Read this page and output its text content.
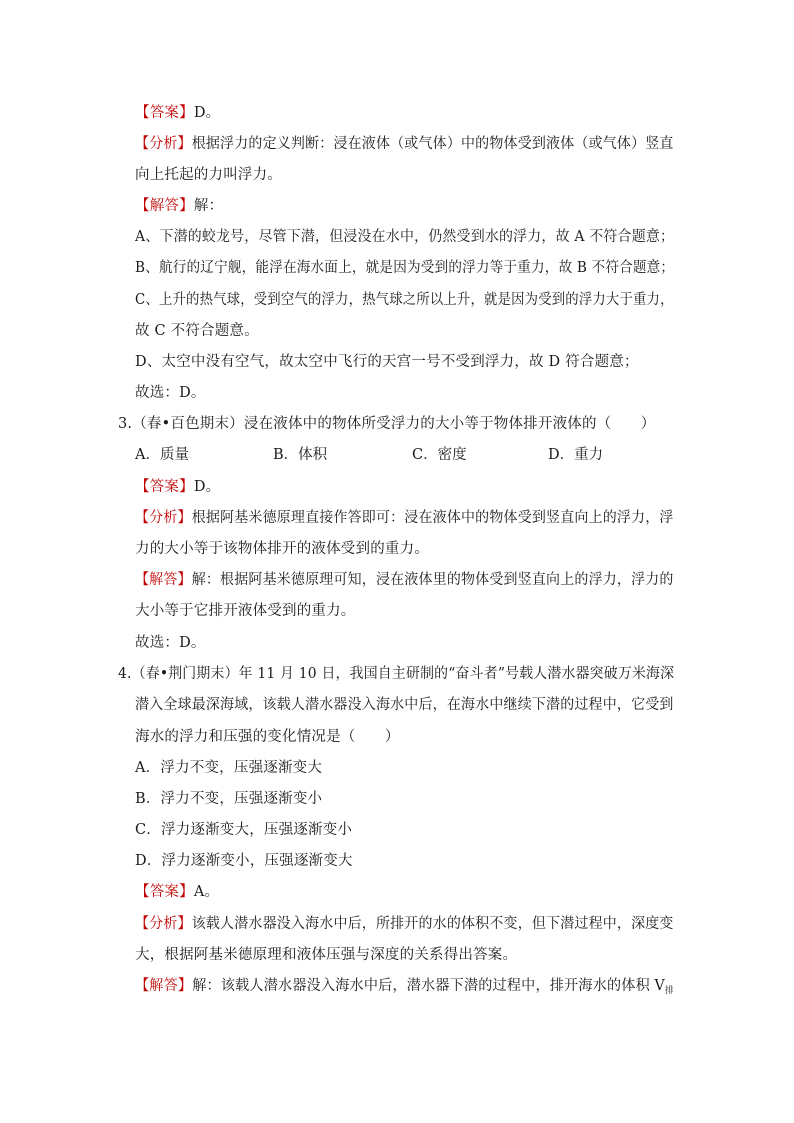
【答案】D。
【分析】根据浮力的定义判断：浸在液体（或气体）中的物体受到液体（或气体）竖直
向上托起的力叫浮力。
【解答】解：
A、下潜的蛟龙号，尽管下潜，但浸没在水中，仍然受到水的浮力，故 A 不符合题意；
B、航行的辽宁舰，能浮在海水面上，就是因为受到的浮力等于重力，故 B 不符合题意；
C、上升的热气球，受到空气的浮力，热气球之所以上升，就是因为受到的浮力大于重力，
故 C 不符合题意。
D、太空中没有空气，故太空中飞行的天宫一号不受到浮力，故 D 符合题意；
故选：D。
3.（春•百色期末）浸在液体中的物体所受浮力的大小等于物体排开液体的（　　）
A．质量	B．体积	C．密度	D．重力
【答案】D。
【分析】根据阿基米德原理直接作答即可：浸在液体中的物体受到竖直向上的浮力，浮
力的大小等于该物体排开的液体受到的重力。
【解答】解：根据阿基米德原理可知，浸在液体里的物体受到竖直向上的浮力，浮力的
大小等于它排开液体受到的重力。
故选：D。
4.（春•荆门期末）年 11 月 10 日，我国自主研制的“奋斗者”号载人潜水器突破万米海深
潜入全球最深海域，该载人潜水器没入海水中后，在海水中继续下潜的过程中，它受到
海水的浮力和压强的变化情况是（　　）
A．浮力不变，压强逐渐变大
B．浮力不变，压强逐渐变小
C．浮力逐渐变大，压强逐渐变小
D．浮力逐渐变小，压强逐渐变大
【答案】A。
【分析】该载人潜水器没入海水中后，所排开的水的体积不变，但下潜过程中，深度变
大，根据阿基米德原理和液体压强与深度的关系得出答案。
【解答】解：该载人潜水器没入海水中后，潜水器下潜的过程中，排开海水的体积 $V_排$
